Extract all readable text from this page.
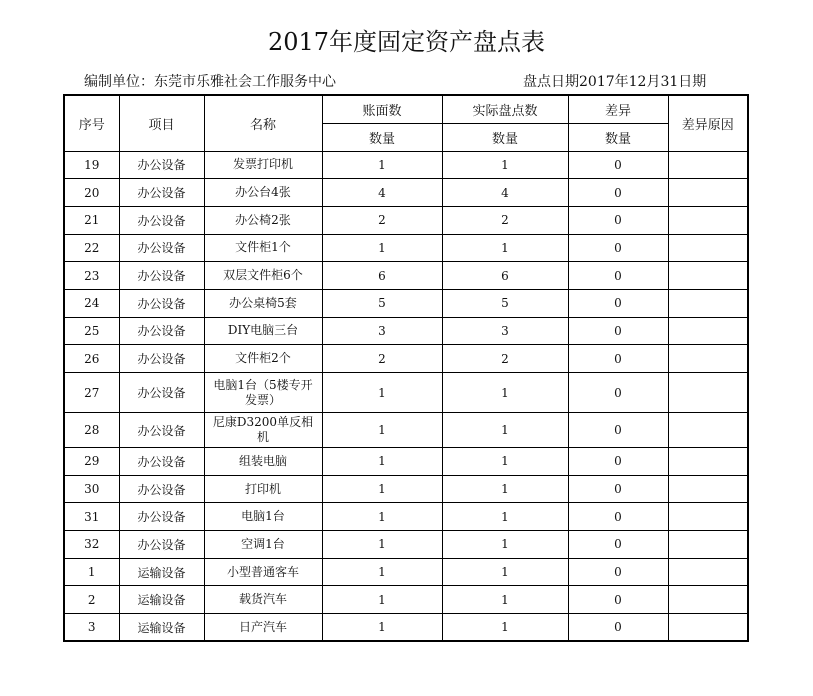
2017年度固定资产盘点表
编制单位：东莞市乐雅社会工作服务中心	盘点日期2017年12月31日期
序号	项目	名称	账面数	实际盘点数	差异	差异原因
			数量	数量	数量	
19	办公设备	发票打印机	1	1	0	
20	办公设备	办公台4张	4	4	0	
21	办公设备	办公椅2张	2	2	0	
22	办公设备	文件柜1个	1	1	0	
23	办公设备	双层文件柜6个	6	6	0	
24	办公设备	办公桌椅5套	5	5	0	
25	办公设备	DIY电脑三台	3	3	0	
26	办公设备	文件柜2个	2	2	0	
27	办公设备	电脑1台（5楼专开发票）	1	1	0	
28	办公设备	尼康D3200单反相机	1	1	0	
29	办公设备	组装电脑	1	1	0	
30	办公设备	打印机	1	1	0	
31	办公设备	电脑1台	1	1	0	
32	办公设备	空调1台	1	1	0	
1	运输设备	小型普通客车	1	1	0	
2	运输设备	载货汽车	1	1	0	
3	运输设备	日产汽车	1	1	0	
